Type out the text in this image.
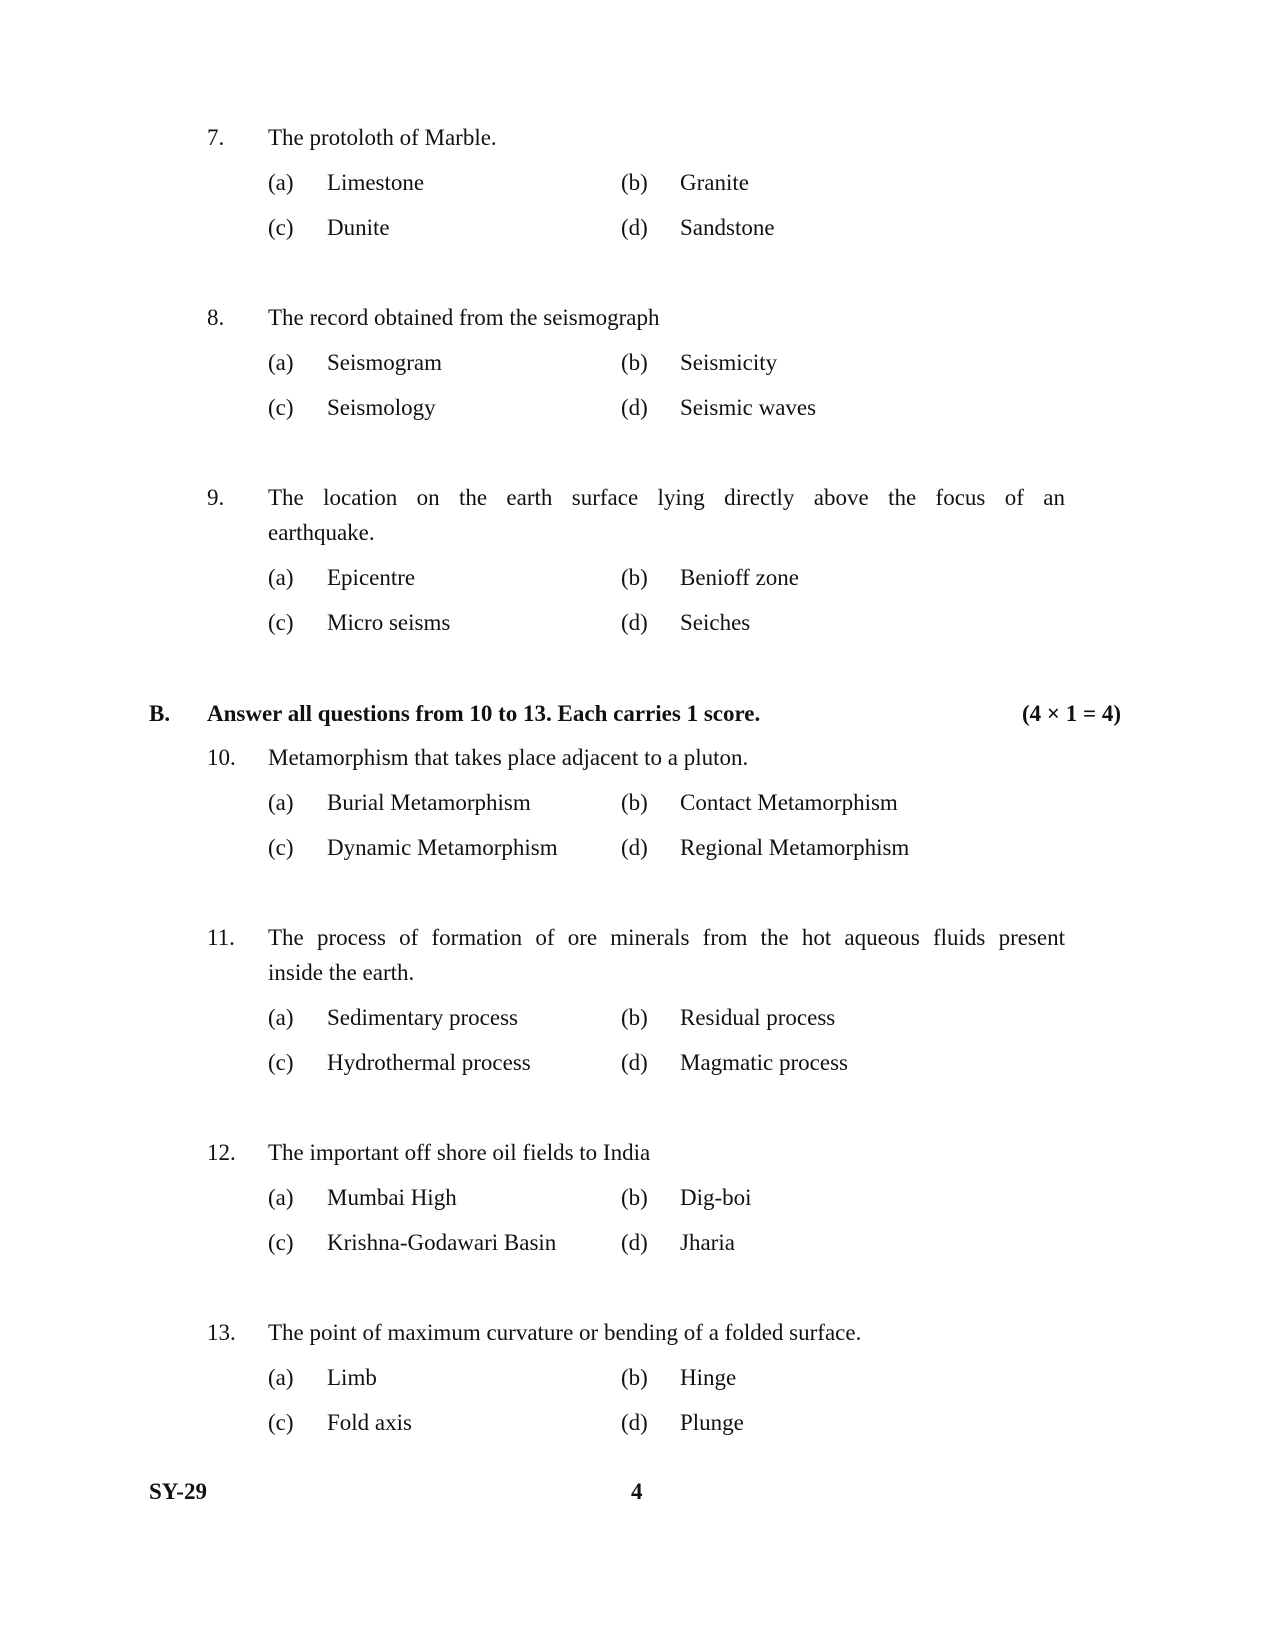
7. The protoloth of Marble.
(a) Limestone	(b) Granite
(c) Dunite	(d) Sandstone
8. The record obtained from the seismograph
(a) Seismogram	(b) Seismicity
(c) Seismology	(d) Seismic waves
9. The location on the earth surface lying directly above the focus of an
earthquake.
(a) Epicentre	(b) Benioff zone
(c) Micro seisms	(d) Seiches
B. Answer all questions from 10 to 13. Each carries 1 score.	(4 × 1 = 4)
10. Metamorphism that takes place adjacent to a pluton.
(a) Burial Metamorphism	(b) Contact Metamorphism
(c) Dynamic Metamorphism	(d) Regional Metamorphism
11. The process of formation of ore minerals from the hot aqueous fluids present
inside the earth.
(a) Sedimentary process	(b) Residual process
(c) Hydrothermal process	(d) Magmatic process
12. The important off shore oil fields to India
(a) Mumbai High	(b) Dig-boi
(c) Krishna-Godawari Basin	(d) Jharia
13. The point of maximum curvature or bending of a folded surface.
(a) Limb	(b) Hinge
(c) Fold axis	(d) Plunge
SY-29	4
